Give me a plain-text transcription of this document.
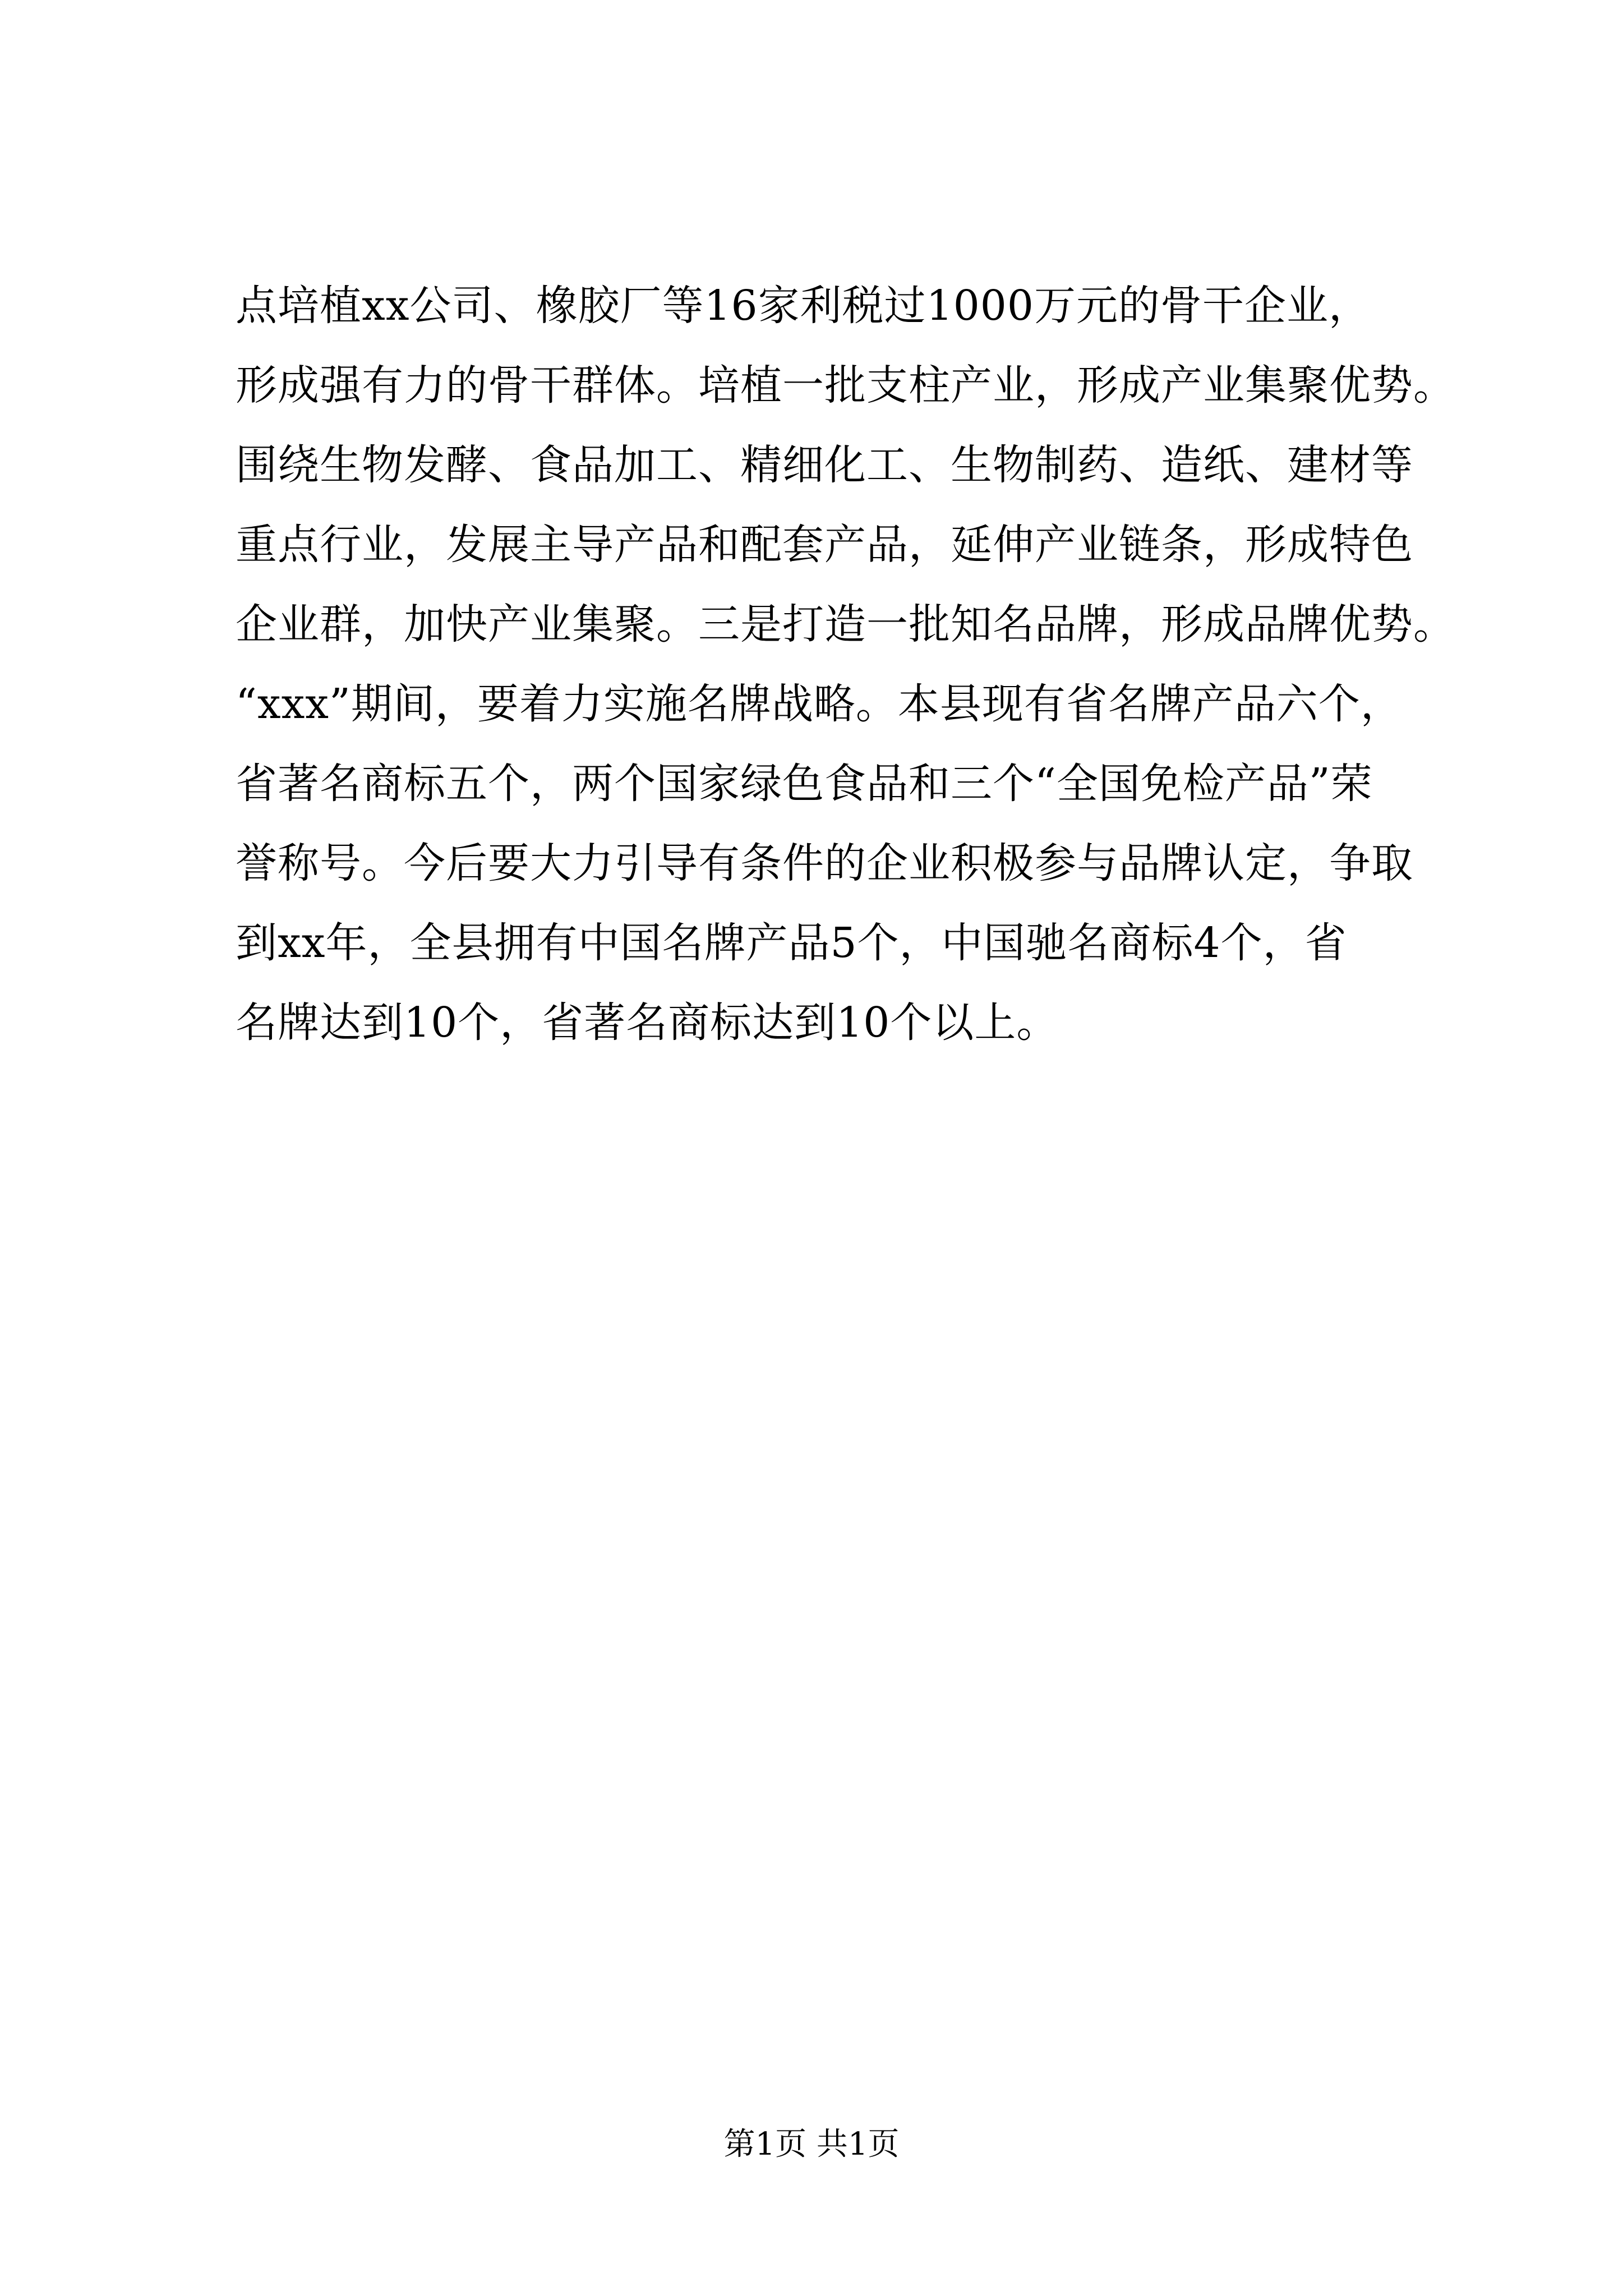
点培植xx公司、橡胶厂等16家利税过1000万元的骨干企业，
形成强有力的骨干群体。培植一批支柱产业，形成产业集聚优势。
围绕生物发酵、食品加工、精细化工、生物制药、造纸、建材等
重点行业，发展主导产品和配套产品，延伸产业链条，形成特色
企业群，加快产业集聚。三是打造一批知名品牌，形成品牌优势。
“xxx”期间，要着力实施名牌战略。本县现有省名牌产品六个，
省著名商标五个，两个国家绿色食品和三个“全国免检产品”荣
誉称号。今后要大力引导有条件的企业积极参与品牌认定，争取
到xx年，全县拥有中国名牌产品5个，中国驰名商标4个，省
名牌达到10个，省著名商标达到10个以上。
第1页 共1页
